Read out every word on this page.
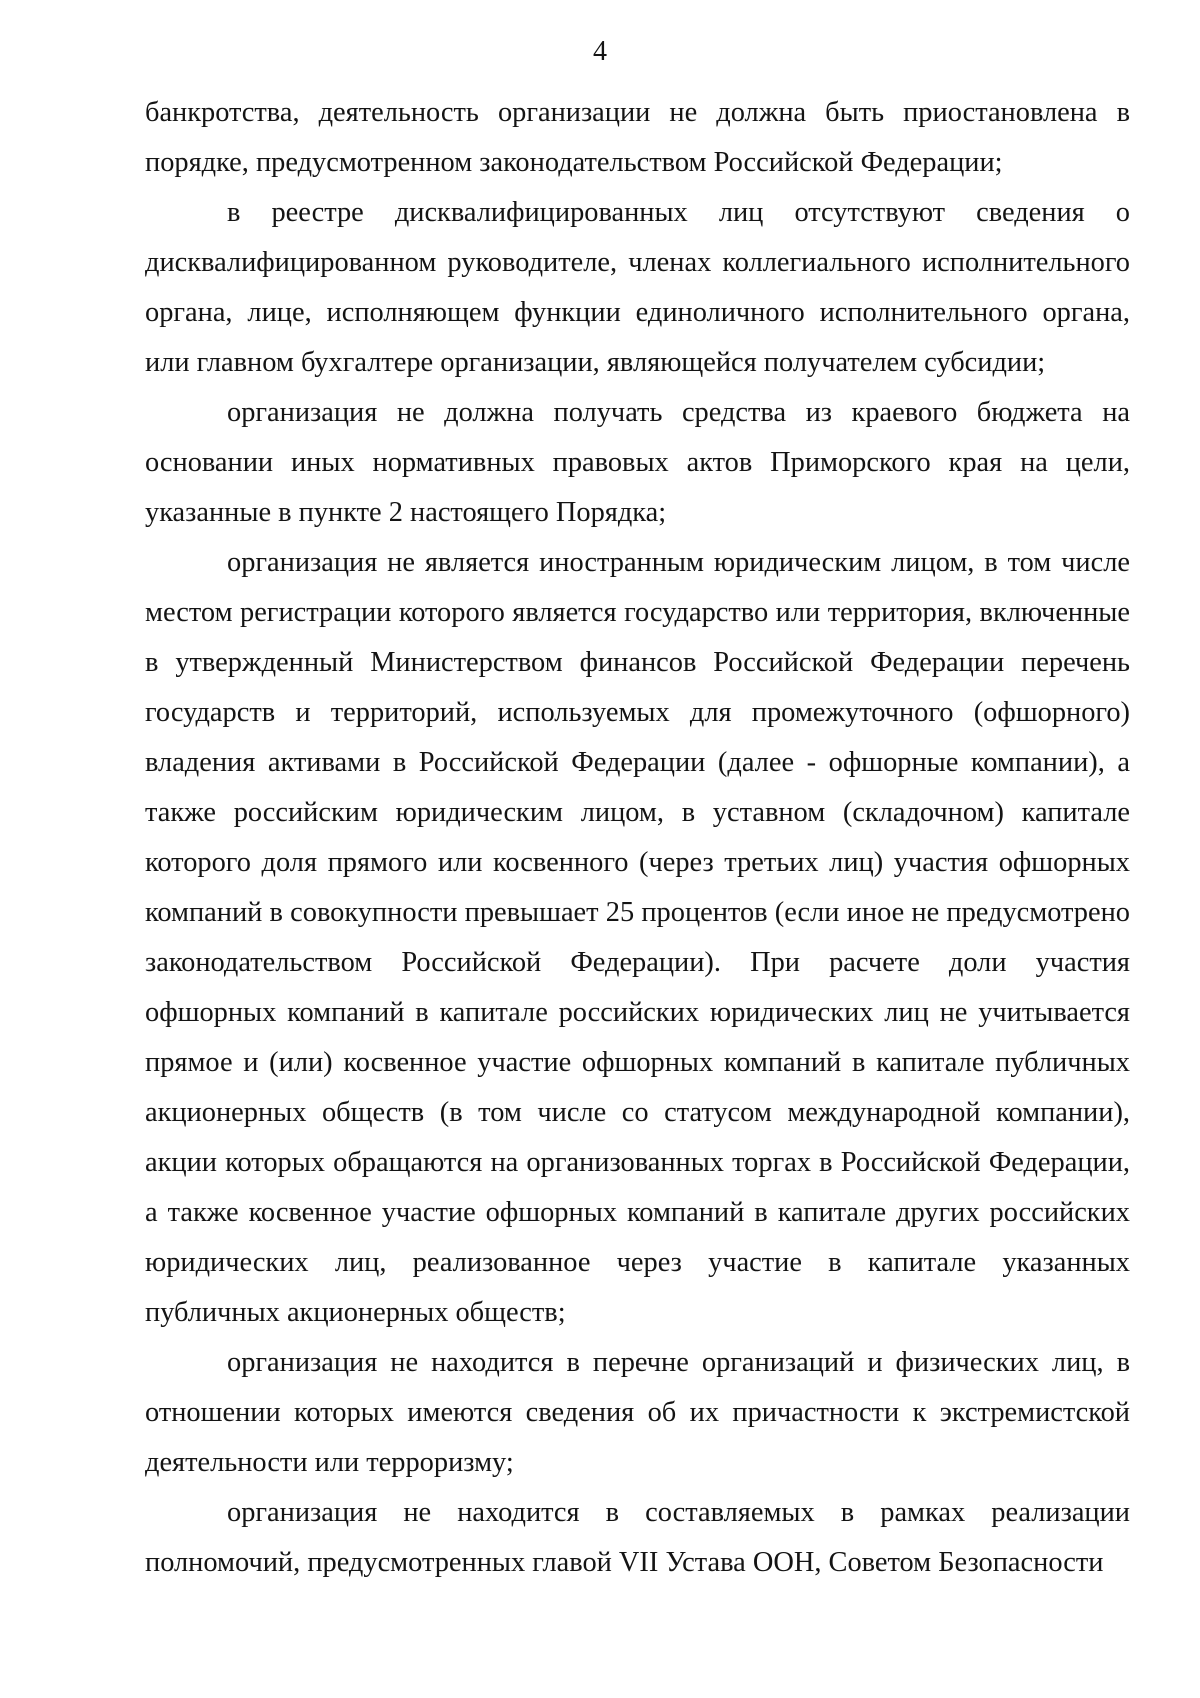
4

банкротства, деятельность организации не должна быть приостановлена в порядке, предусмотренном законодательством Российской Федерации;

в реестре дисквалифицированных лиц отсутствуют сведения о дисквалифицированном руководителе, членах коллегиального исполнительного органа, лице, исполняющем функции единоличного исполнительного органа, или главном бухгалтере организации, являющейся получателем субсидии;

организация не должна получать средства из краевого бюджета на основании иных нормативных правовых актов Приморского края на цели, указанные в пункте 2 настоящего Порядка;

организация не является иностранным юридическим лицом, в том числе местом регистрации которого является государство или территория, включенные в утвержденный Министерством финансов Российской Федерации перечень государств и территорий, используемых для промежуточного (офшорного) владения активами в Российской Федерации (далее - офшорные компании), а также российским юридическим лицом, в уставном (складочном) капитале которого доля прямого или косвенного (через третьих лиц) участия офшорных компаний в совокупности превышает 25 процентов (если иное не предусмотрено законодательством Российской Федерации). При расчете доли участия офшорных компаний в капитале российских юридических лиц не учитывается прямое и (или) косвенное участие офшорных компаний в капитале публичных акционерных обществ (в том числе со статусом международной компании), акции которых обращаются на организованных торгах в Российской Федерации, а также косвенное участие офшорных компаний в капитале других российских юридических лиц, реализованное через участие в капитале указанных публичных акционерных обществ;

организация не находится в перечне организаций и физических лиц, в отношении которых имеются сведения об их причастности к экстремистской деятельности или терроризму;

организация не находится в составляемых в рамках реализации полномочий, предусмотренных главой VII Устава ООН, Советом Безопасности
